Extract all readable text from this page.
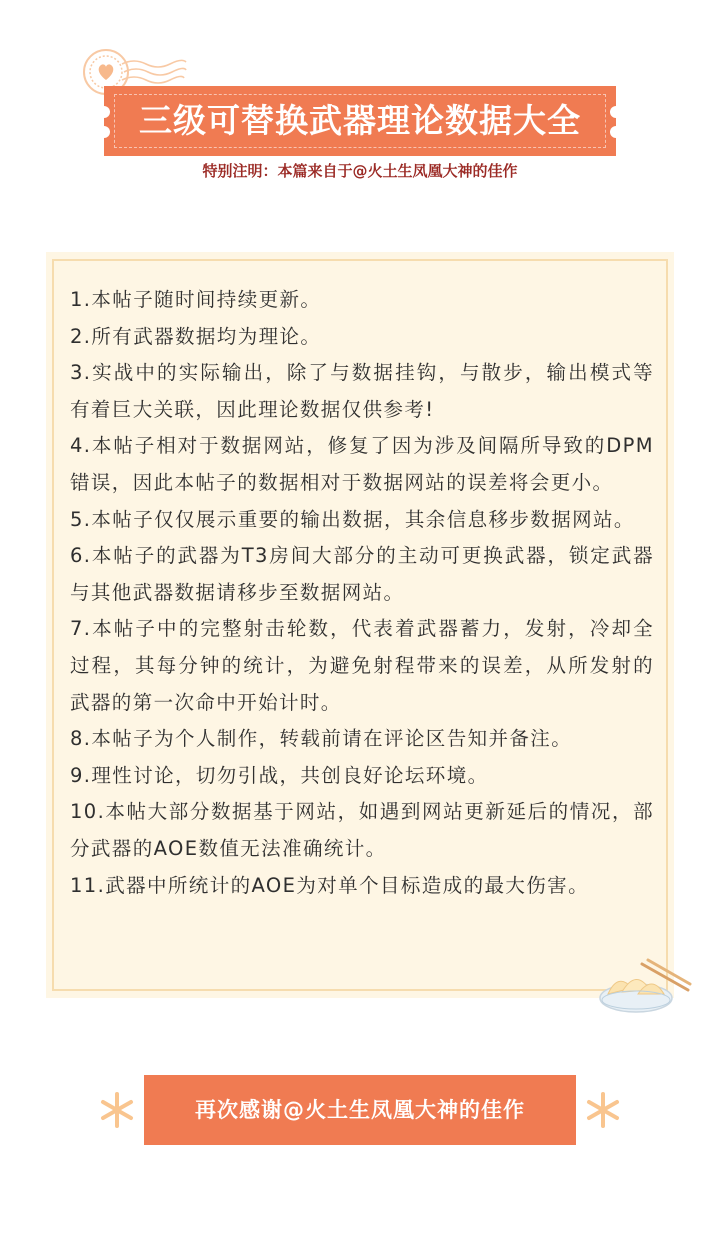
三级可替换武器理论数据大全
特别注明：本篇来自于@火土生凤凰大神的佳作

1.本帖子随时间持续更新。

2.所有武器数据均为理论。

3.实战中的实际输出，除了与数据挂钩，与散步，输出模式等有着巨大关联，因此理论数据仅供参考!

4.本帖子相对于数据网站，修复了因为涉及间隔所导致的DPM错误，因此本帖子的数据相对于数据网站的误差将会更小。

5.本帖子仅仅展示重要的输出数据，其余信息移步数据网站。

6.本帖子的武器为T3房间大部分的主动可更换武器，锁定武器与其他武器数据请移步至数据网站。

7.本帖子中的完整射击轮数，代表着武器蓄力，发射，冷却全过程，其每分钟的统计，为避免射程带来的误差，从所发射的武器的第一次命中开始计时。

8.本帖子为个人制作，转载前请在评论区告知并备注。

9.理性讨论，切勿引战，共创良好论坛环境。

10.本帖大部分数据基于网站，如遇到网站更新延后的情况，部分武器的AOE数值无法准确统计。

11.武器中所统计的AOE为对单个目标造成的最大伤害。

再次感谢@火土生凤凰大神的佳作
